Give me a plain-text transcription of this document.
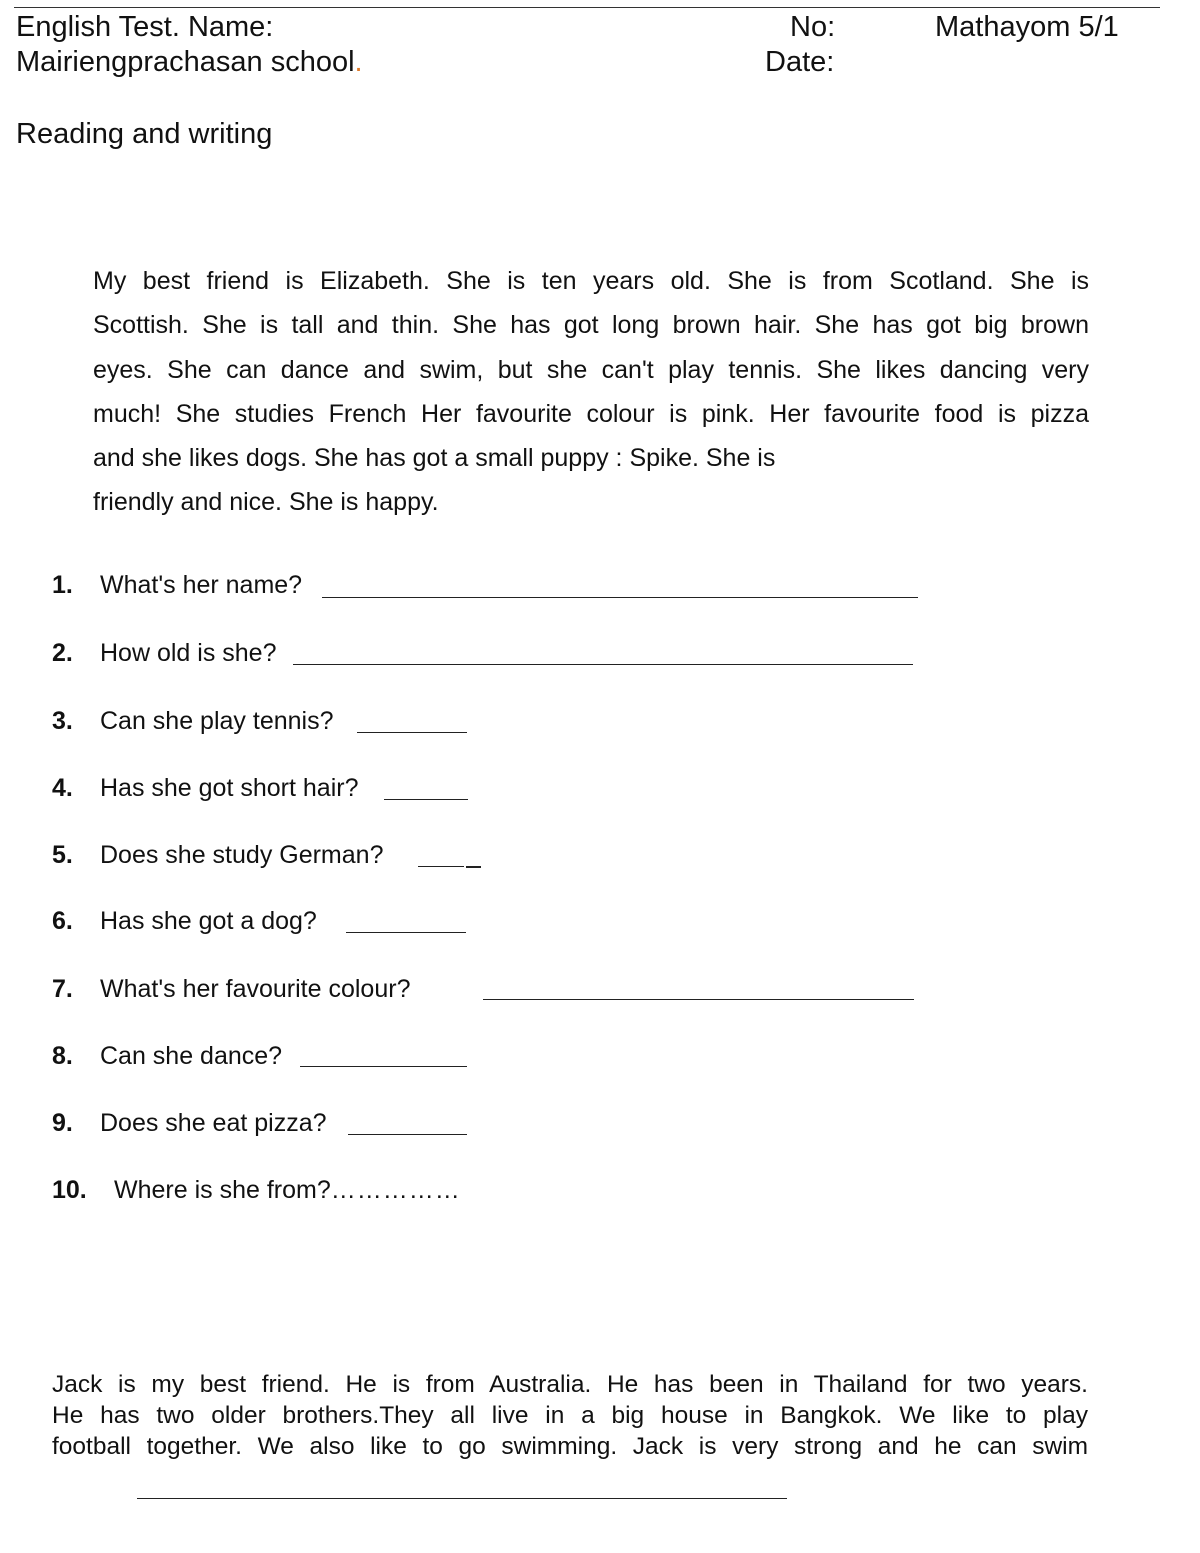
English Test. Name:
Mairiengprachasan school.
No:	Mathayom 5/1
Date:
Reading and writing
My best friend is Elizabeth. She is ten years old. She is from Scotland. She is
Scottish. She is tall and thin. She has got long brown hair. She has got big brown
eyes. She can dance and swim, but she can't play tennis. She likes dancing very
much! She studies French Her favourite colour is pink. Her favourite food is pizza
and she likes dogs. She has got a small puppy : Spike. She is
friendly and nice. She is happy.
1. What's her name?
2. How old is she?
3. Can she play tennis?
4. Has she got short hair?
5. Does she study German?
6. Has she got a dog?
7. What's her favourite colour?
8. Can she dance?
9. Does she eat pizza?
10. Where is she from?……………
Jack is my best friend. He is from Australia. He has been in Thailand for two years.
He has two older brothers.They all live in a big house in Bangkok. We like to play
football together. We also like to go swimming. Jack is very strong and he can swim
